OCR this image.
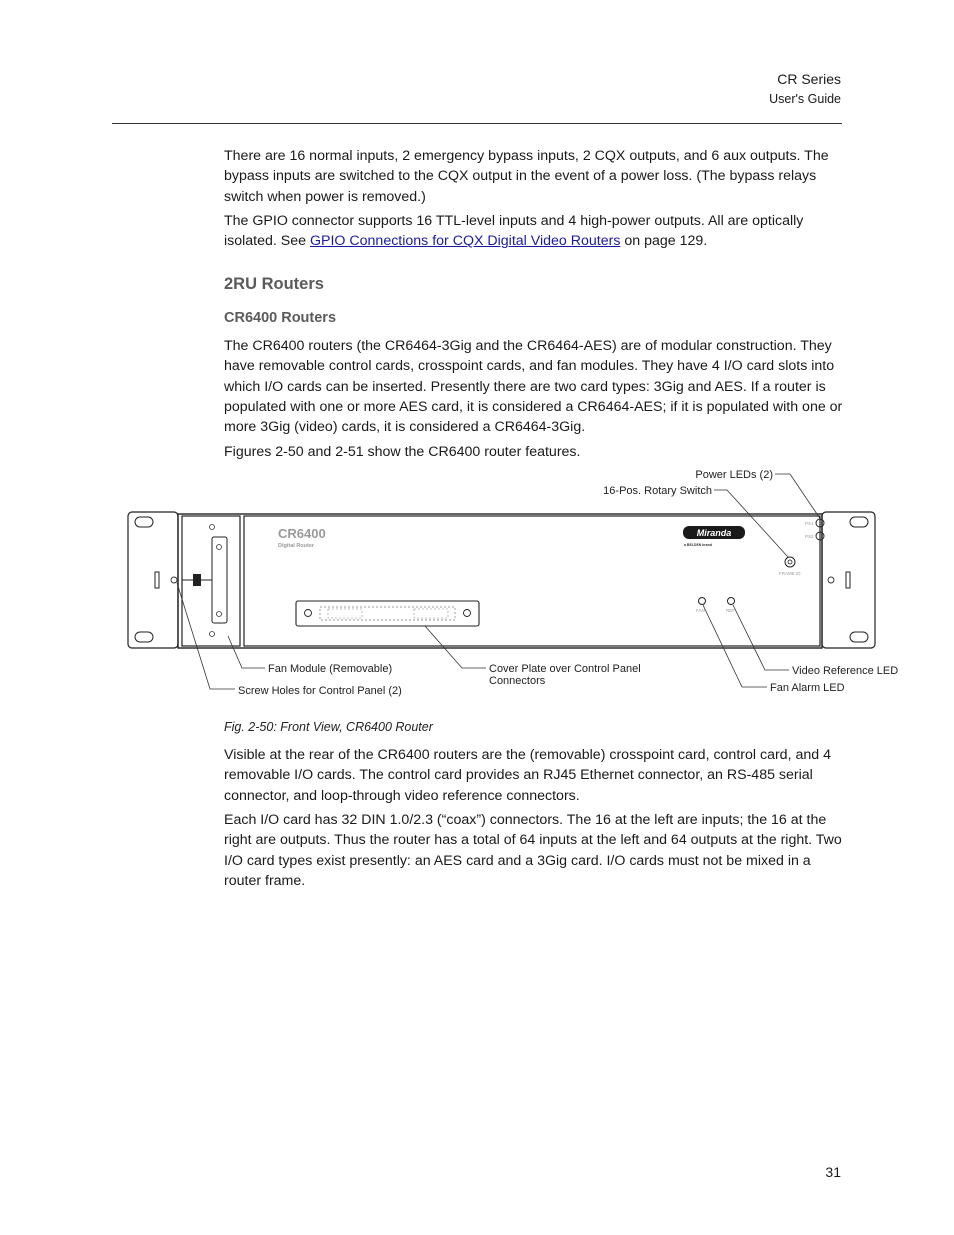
CR Series
User's Guide

There are 16 normal inputs, 2 emergency bypass inputs, 2 CQX outputs, and 6 aux outputs. The bypass inputs are switched to the CQX output in the event of a power loss. (The bypass relays switch when power is removed.)

The GPIO connector supports 16 TTL-level inputs and 4 high-power outputs. All are optically isolated. See GPIO Connections for CQX Digital Video Routers on page 129.

2RU Routers
CR6400 Routers

The CR6400 routers (the CR6464-3Gig and the CR6464-AES) are of modular construction. They have removable control cards, crosspoint cards, and fan modules. They have 4 I/O card slots into which I/O cards can be inserted. Presently there are two card types: 3Gig and AES. If a router is populated with one or more AES card, it is considered a CR6464-AES; if it is populated with one or more 3Gig (video) cards, it is considered a CR6464-3Gig.

Figures 2-50 and 2-51 show the CR6400 router features.

CR6400
Digital Router
Miranda
a BELDEN brand
PS1
PS2
FRAME ID
FAN	REF
Power LEDs (2)
16-Pos. Rotary Switch
Fan Module (Removable)
Screw Holes for Control Panel (2)
Cover Plate over Control Panel
Connectors
Video Reference LED
Fan Alarm LED
Fig. 2-50: Front View, CR6400 Router

Visible at the rear of the CR6400 routers are the (removable) crosspoint card, control card, and 4 removable I/O cards. The control card provides an RJ45 Ethernet connector, an RS-485 serial connector, and loop-through video reference connectors.

Each I/O card has 32 DIN 1.0/2.3 (“coax”) connectors. The 16 at the left are inputs; the 16 at the right are outputs. Thus the router has a total of 64 inputs at the left and 64 outputs at the right. Two I/O card types exist presently: an AES card and a 3Gig card. I/O cards must not be mixed in a router frame.

31
